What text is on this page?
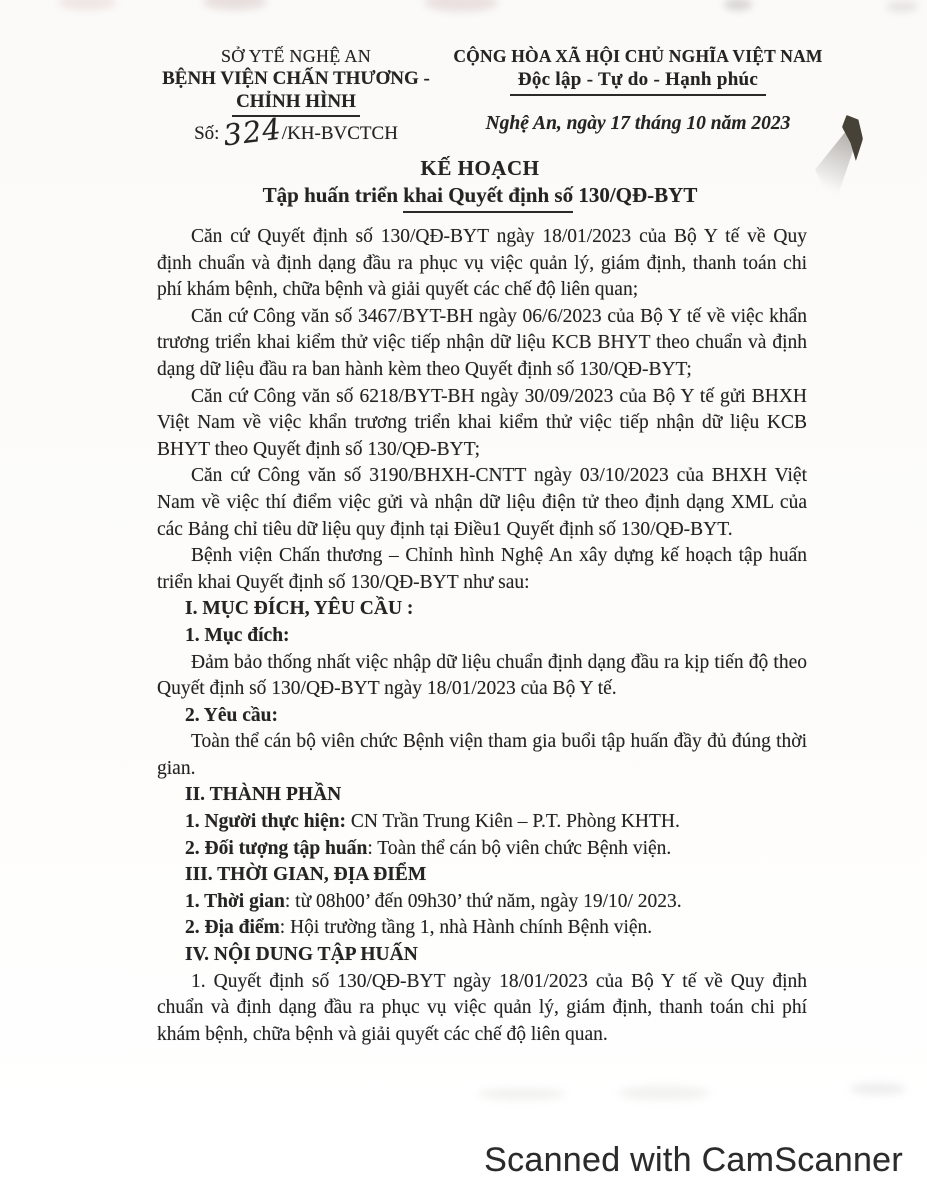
SỞ YTẾ NGHỆ AN
BỆNH VIỆN CHẤN THƯƠNG -
CHỈNH HÌNH
Số:324/KH-BVCTCH
CỘNG HÒA XÃ HỘI CHỦ NGHĨA VIỆT NAM
Độc lập - Tự do - Hạnh phúc
Nghệ An, ngày 17 tháng 10 năm 2023
KẾ HOẠCH
Tập huấn triển khai Quyết định số 130/QĐ-BYT

Căn cứ Quyết định số 130/QĐ-BYT ngày 18/01/2023 của Bộ Y tế về Quy định chuẩn và định dạng đầu ra phục vụ việc quản lý, giám định, thanh toán chi phí khám bệnh, chữa bệnh và giải quyết các chế độ liên quan;

Căn cứ Công văn số 3467/BYT-BH ngày 06/6/2023 của Bộ Y tế về việc khẩn trương triển khai kiểm thử việc tiếp nhận dữ liệu KCB BHYT theo chuẩn và định dạng dữ liệu đầu ra ban hành kèm theo Quyết định số 130/QĐ-BYT;

Căn cứ Công văn số 6218/BYT-BH ngày 30/09/2023 của Bộ Y tế gửi BHXH Việt Nam về việc khẩn trương triển khai kiểm thử việc tiếp nhận dữ liệu KCB BHYT theo Quyết định số 130/QĐ-BYT;

Căn cứ Công văn số 3190/BHXH-CNTT ngày 03/10/2023 của BHXH Việt Nam về việc thí điểm việc gửi và nhận dữ liệu điện tử theo định dạng XML của các Bảng chỉ tiêu dữ liệu quy định tại Điều1 Quyết định số 130/QĐ-BYT.

Bệnh viện Chấn thương – Chỉnh hình Nghệ An xây dựng kế hoạch tập huấn triển khai Quyết định số 130/QĐ-BYT như sau:

I. MỤC ĐÍCH, YÊU CẦU :

1. Mục đích:

Đảm bảo thống nhất việc nhập dữ liệu chuẩn định dạng đầu ra kịp tiến độ theo Quyết định số 130/QĐ-BYT ngày 18/01/2023 của Bộ Y tế.

2. Yêu cầu:

Toàn thể cán bộ viên chức Bệnh viện tham gia buổi tập huấn đầy đủ đúng thời gian.

II. THÀNH PHẦN

1. Người thực hiện: CN Trần Trung Kiên – P.T. Phòng KHTH.

2. Đối tượng tập huấn: Toàn thể cán bộ viên chức Bệnh viện.

III. THỜI GIAN, ĐỊA ĐIỂM

1. Thời gian: từ 08h00’ đến 09h30’ thứ năm, ngày 19/10/ 2023.

2. Địa điểm: Hội trường tầng 1, nhà Hành chính Bệnh viện.

IV. NỘI DUNG TẬP HUẤN

1. Quyết định số 130/QĐ-BYT ngày 18/01/2023 của Bộ Y tế về Quy định chuẩn và định dạng đầu ra phục vụ việc quản lý, giám định, thanh toán chi phí khám bệnh, chữa bệnh và giải quyết các chế độ liên quan.

Scanned with CamScanner
